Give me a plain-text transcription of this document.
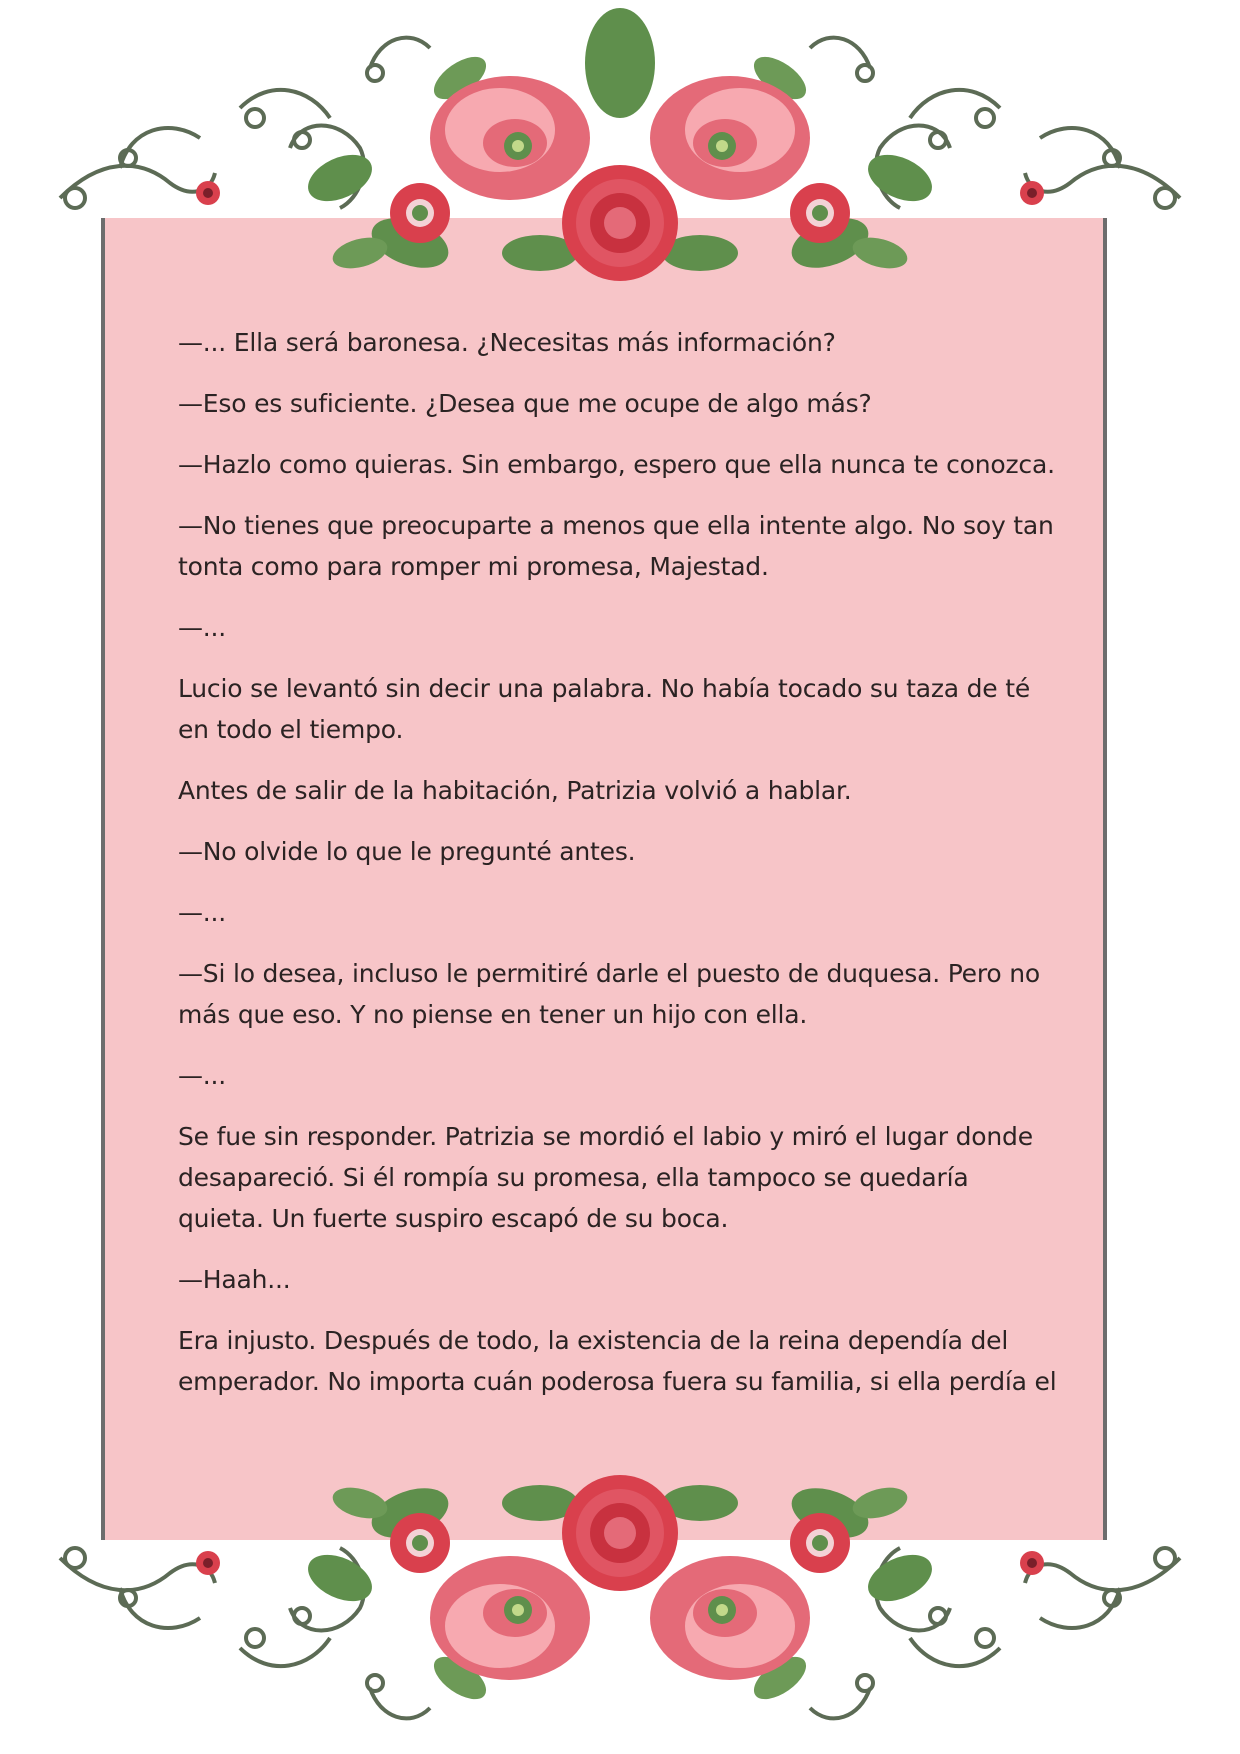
—... Ella será baronesa. ¿Necesitas más información?

—Eso es suficiente. ¿Desea que me ocupe de algo más?

—Hazlo como quieras. Sin embargo, espero que ella nunca te conozca.

—No tienes que preocuparte a menos que ella intente algo. No soy tan tonta como para romper mi promesa, Majestad.

—...

Lucio se levantó sin decir una palabra. No había tocado su taza de té en todo el tiempo.

Antes de salir de la habitación, Patrizia volvió a hablar.

—No olvide lo que le pregunté antes.

—...

—Si lo desea, incluso le permitiré darle el puesto de duquesa. Pero no más que eso. Y no piense en tener un hijo con ella.

—...

Se fue sin responder. Patrizia se mordió el labio y miró el lugar donde desapareció. Si él rompía su promesa, ella tampoco se quedaría quieta. Un fuerte suspiro escapó de su boca.

—Haah...

Era injusto. Después de todo, la existencia de la reina dependía del emperador. No importa cuán poderosa fuera su familia, si ella perdía el
